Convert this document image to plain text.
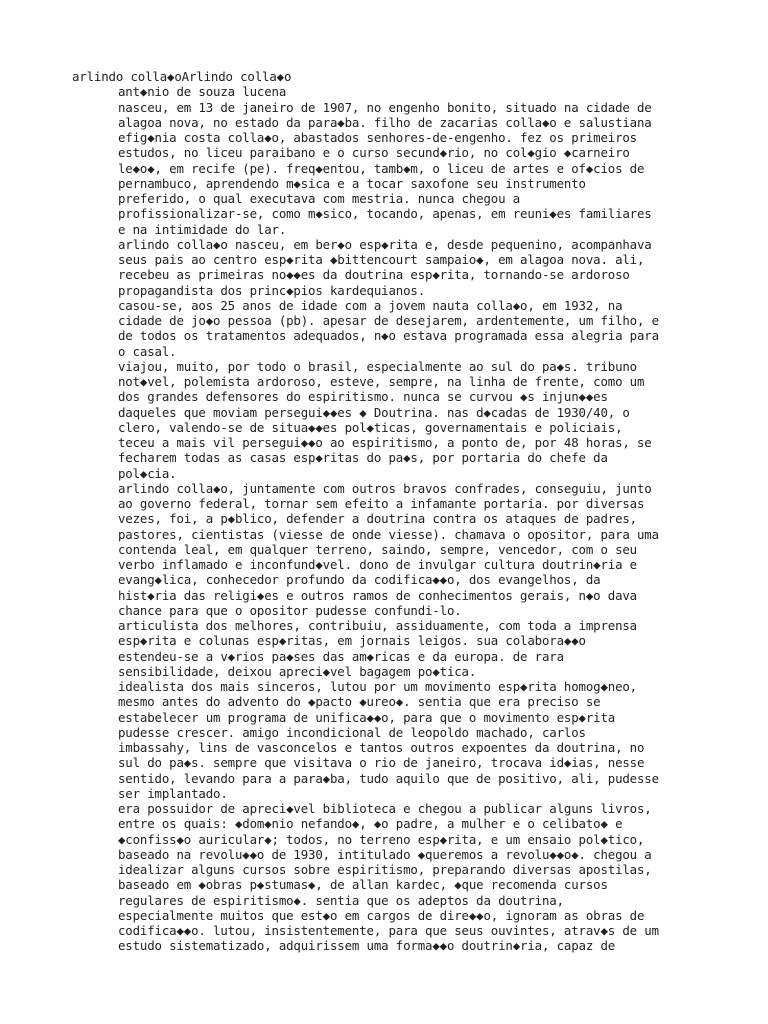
arlindo colla◆oArlindo colla◆o
ant◆nio de souza lucena
nasceu, em 13 de janeiro de 1907, no engenho bonito, situado na cidade de
alagoa nova, no estado da para◆ba. filho de zacarias colla◆o e salustiana
efig◆nia costa colla◆o, abastados senhores-de-engenho. fez os primeiros
estudos, no liceu paraibano e o curso secund◆rio, no col◆gio ◆carneiro
le◆o◆, em recife (pe). freq◆entou, tamb◆m, o liceu de artes e of◆cios de
pernambuco, aprendendo m◆sica e a tocar saxofone seu instrumento
preferido, o qual executava com mestria. nunca chegou a
profissionalizar-se, como m◆sico, tocando, apenas, em reuni◆es familiares
e na intimidade do lar.
arlindo colla◆o nasceu, em ber◆o esp◆rita e, desde pequenino, acompanhava
seus pais ao centro esp◆rita ◆bittencourt sampaio◆, em alagoa nova. ali,
recebeu as primeiras no◆◆es da doutrina esp◆rita, tornando-se ardoroso
propagandista dos princ◆pios kardequianos.
casou-se, aos 25 anos de idade com a jovem nauta colla◆o, em 1932, na
cidade de jo◆o pessoa (pb). apesar de desejarem, ardentemente, um filho, e
de todos os tratamentos adequados, n◆o estava programada essa alegria para
o casal.
viajou, muito, por todo o brasil, especialmente ao sul do pa◆s. tribuno
not◆vel, polemista ardoroso, esteve, sempre, na linha de frente, como um
dos grandes defensores do espiritismo. nunca se curvou ◆s injun◆◆es
daqueles que moviam persegui◆◆es ◆ Doutrina. nas d◆cadas de 1930/40, o
clero, valendo-se de situa◆◆es pol◆ticas, governamentais e policiais,
teceu a mais vil persegui◆◆o ao espiritismo, a ponto de, por 48 horas, se
fecharem todas as casas esp◆ritas do pa◆s, por portaria do chefe da
pol◆cia.
arlindo colla◆o, juntamente com outros bravos confrades, conseguiu, junto
ao governo federal, tornar sem efeito a infamante portaria. por diversas
vezes, foi, a p◆blico, defender a doutrina contra os ataques de padres,
pastores, cientistas (viesse de onde viesse). chamava o opositor, para uma
contenda leal, em qualquer terreno, saindo, sempre, vencedor, com o seu
verbo inflamado e inconfund◆vel. dono de invulgar cultura doutrin◆ria e
evang◆lica, conhecedor profundo da codifica◆◆o, dos evangelhos, da
hist◆ria das religi◆es e outros ramos de conhecimentos gerais, n◆o dava
chance para que o opositor pudesse confundi-lo.
articulista dos melhores, contribuiu, assiduamente, com toda a imprensa
esp◆rita e colunas esp◆ritas, em jornais leigos. sua colabora◆◆o
estendeu-se a v◆rios pa◆ses das am◆ricas e da europa. de rara
sensibilidade, deixou apreci◆vel bagagem po◆tica.
idealista dos mais sinceros, lutou por um movimento esp◆rita homog◆neo,
mesmo antes do advento do ◆pacto ◆ureo◆. sentia que era preciso se
estabelecer um programa de unifica◆◆o, para que o movimento esp◆rita
pudesse crescer. amigo incondicional de leopoldo machado, carlos
imbassahy, lins de vasconcelos e tantos outros expoentes da doutrina, no
sul do pa◆s. sempre que visitava o rio de janeiro, trocava id◆ias, nesse
sentido, levando para a para◆ba, tudo aquilo que de positivo, ali, pudesse
ser implantado.
era possuidor de apreci◆vel biblioteca e chegou a publicar alguns livros,
entre os quais: ◆dom◆nio nefando◆, ◆o padre, a mulher e o celibato◆ e
◆confiss◆o auricular◆; todos, no terreno esp◆rita, e um ensaio pol◆tico,
baseado na revolu◆◆o de 1930, intitulado ◆queremos a revolu◆◆o◆. chegou a
idealizar alguns cursos sobre espiritismo, preparando diversas apostilas,
baseado em ◆obras p◆stumas◆, de allan kardec, ◆que recomenda cursos
regulares de espiritismo◆. sentia que os adeptos da doutrina,
especialmente muitos que est◆o em cargos de dire◆◆o, ignoram as obras de
codifica◆◆o. lutou, insistentemente, para que seus ouvintes, atrav◆s de um
estudo sistematizado, adquirissem uma forma◆◆o doutrin◆ria, capaz de
